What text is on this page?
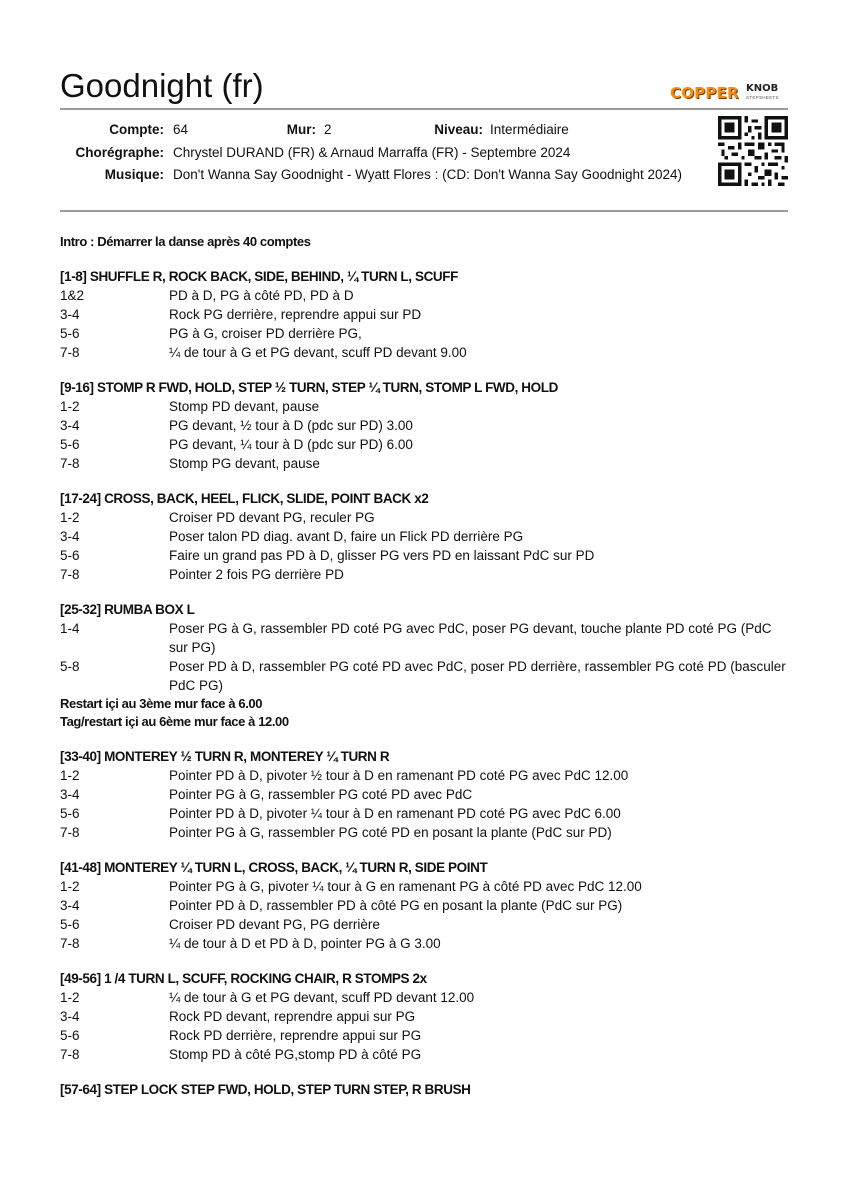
Goodnight (fr)	COPPER KNOB
STEPSHEETS
Compte: 64	Mur: 2	Niveau: Intermédiaire
Chorégraphe: Chrystel DURAND (FR) & Arnaud Marraffa (FR) - Septembre 2024
Musique: Don't Wanna Say Goodnight - Wyatt Flores : (CD: Don't Wanna Say Goodnight 2024)
Intro : Démarrer la danse après 40 comptes
[1-8] SHUFFLE R, ROCK BACK, SIDE, BEHIND, ¼ TURN L, SCUFF
1&2	PD à D, PG à côté PD, PD à D
3-4	Rock PG derrière, reprendre appui sur PD
5-6	PG à G, croiser PD derrière PG,
7-8	¼ de tour à G et PG devant, scuff PD devant 9.00
[9-16] STOMP R FWD, HOLD, STEP ½ TURN, STEP ¼ TURN, STOMP L FWD, HOLD
1-2	Stomp PD devant, pause
3-4	PG devant, ½ tour à D (pdc sur PD) 3.00
5-6	PG devant, ¼ tour à D (pdc sur PD) 6.00
7-8	Stomp PG devant, pause
[17-24] CROSS, BACK, HEEL, FLICK, SLIDE, POINT BACK x2
1-2	Croiser PD devant PG, reculer PG
3-4	Poser talon PD diag. avant D, faire un Flick PD derrière PG
5-6	Faire un grand pas PD à D, glisser PG vers PD en laissant PdC sur PD
7-8	Pointer 2 fois PG derrière PD
[25-32] RUMBA BOX L
1-4	Poser PG à G, rassembler PD coté PG avec PdC, poser PG devant, touche plante PD coté PG (PdC sur PG)
5-8	Poser PD à D, rassembler PG coté PD avec PdC, poser PD derrière, rassembler PG coté PD (basculer PdC PG)
Restart içi au 3ème mur face à 6.00
Tag/restart içi au 6ème mur face à 12.00
[33-40] MONTEREY ½ TURN R, MONTEREY ¼ TURN R
1-2	Pointer PD à D, pivoter ½ tour à D en ramenant PD coté PG avec PdC 12.00
3-4	Pointer PG à G, rassembler PG coté PD avec PdC
5-6	Pointer PD à D, pivoter ¼ tour à D en ramenant PD coté PG avec PdC 6.00
7-8	Pointer PG à G, rassembler PG coté PD en posant la plante (PdC sur PD)
[41-48] MONTEREY ¼ TURN L, CROSS, BACK, ¼ TURN R, SIDE POINT
1-2	Pointer PG à G, pivoter ¼ tour à G en ramenant PG à côté PD avec PdC 12.00
3-4	Pointer PD à D, rassembler PD à côté PG en posant la plante (PdC sur PG)
5-6	Croiser PD devant PG, PG derrière
7-8	¼ de tour à D et PD à D, pointer PG à G 3.00
[49-56] 1 /4 TURN L, SCUFF, ROCKING CHAIR, R STOMPS 2x
1-2	¼ de tour à G et PG devant, scuff PD devant 12.00
3-4	Rock PD devant, reprendre appui sur PG
5-6	Rock PD derrière, reprendre appui sur PG
7-8	Stomp PD à côté PG,stomp PD à côté PG
[57-64] STEP LOCK STEP FWD, HOLD, STEP TURN STEP, R BRUSH
